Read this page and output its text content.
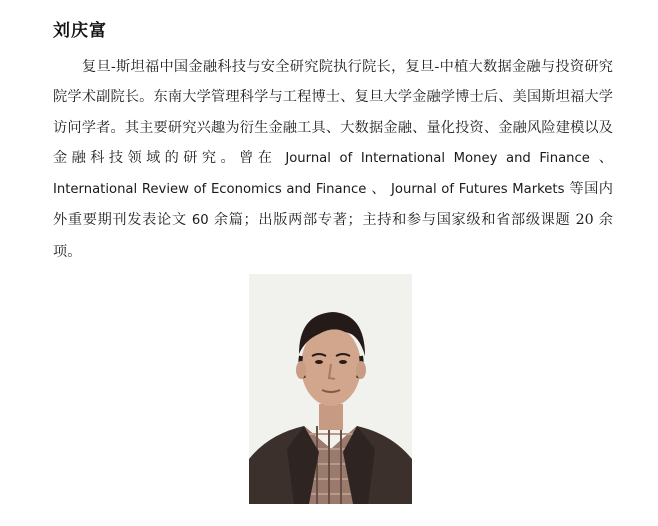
刘庆富

复旦-斯坦福中国金融科技与安全研究院执行院长，复旦-中植大数据金融与投资研究院学术副院长。东南大学管理科学与工程博士、复旦大学金融学博士后、美国斯坦福大学访问学者。其主要研究兴趣为衍生金融工具、大数据金融、量化投资、金融风险建模以及金融科技领域的研究。曾在 Journal of International Money and Finance 、 International Review of Economics and Finance 、 Journal of Futures Markets 等国内外重要期刊发表论文 60 余篇；出版两部专著；主持和参与国家级和省部级课题 20 余项。
